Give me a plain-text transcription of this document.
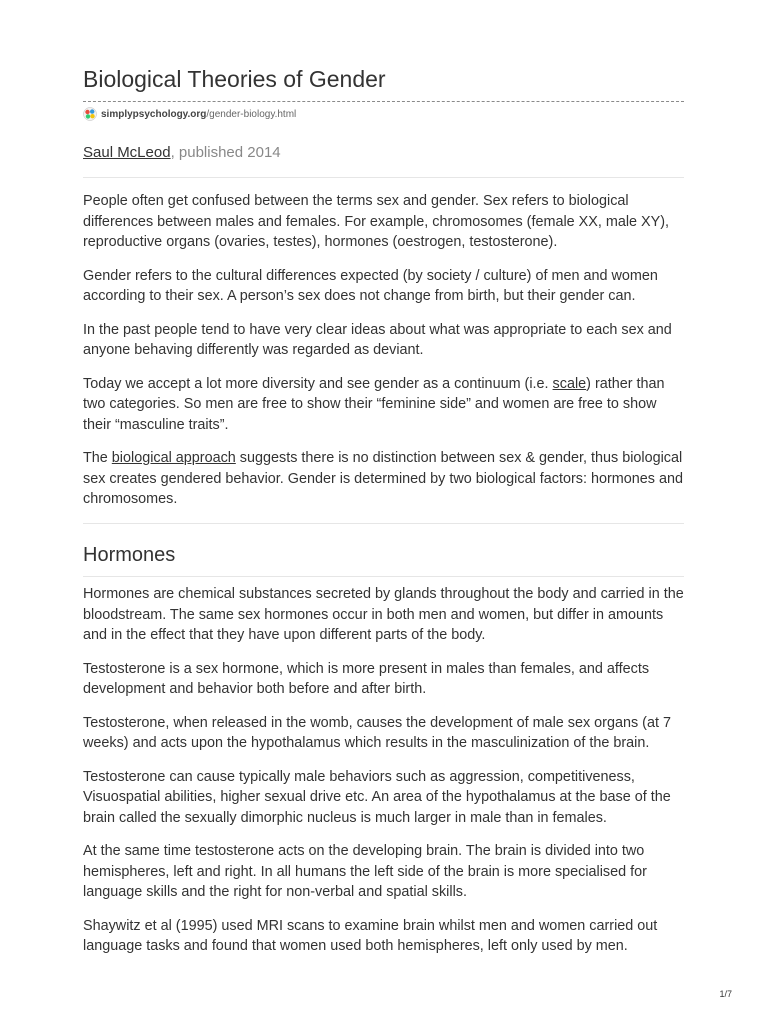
Biological Theories of Gender
simplypsychology.org /gender-biology.html
Saul McLeod, published 2014

People often get confused between the terms sex and gender. Sex refers to biological differences between males and females. For example, chromosomes (female XX, male XY), reproductive organs (ovaries, testes), hormones (oestrogen, testosterone).

Gender refers to the cultural differences expected (by society / culture) of men and women according to their sex. A person’s sex does not change from birth, but their gender can.

In the past people tend to have very clear ideas about what was appropriate to each sex and anyone behaving differently was regarded as deviant.

Today we accept a lot more diversity and see gender as a continuum (i.e. scale) rather than two categories. So men are free to show their “feminine side” and women are free to show their “masculine traits”.

The biological approach suggests there is no distinction between sex & gender, thus biological sex creates gendered behavior. Gender is determined by two biological factors: hormones and chromosomes.

Hormones

Hormones are chemical substances secreted by glands throughout the body and carried in the bloodstream. The same sex hormones occur in both men and women, but differ in amounts and in the effect that they have upon different parts of the body.

Testosterone is a sex hormone, which is more present in males than females, and affects development and behavior both before and after birth.

Testosterone, when released in the womb, causes the development of male sex organs (at 7 weeks) and acts upon the hypothalamus which results in the masculinization of the brain.

Testosterone can cause typically male behaviors such as aggression, competitiveness, Visuospatial abilities, higher sexual drive etc. An area of the hypothalamus at the base of the brain called the sexually dimorphic nucleus is much larger in male than in females.

At the same time testosterone acts on the developing brain. The brain is divided into two hemispheres, left and right. In all humans the left side of the brain is more specialised for language skills and the right for non-verbal and spatial skills.

Shaywitz et al (1995) used MRI scans to examine brain whilst men and women carried out language tasks and found that women used both hemispheres, left only used by men.

1/7
